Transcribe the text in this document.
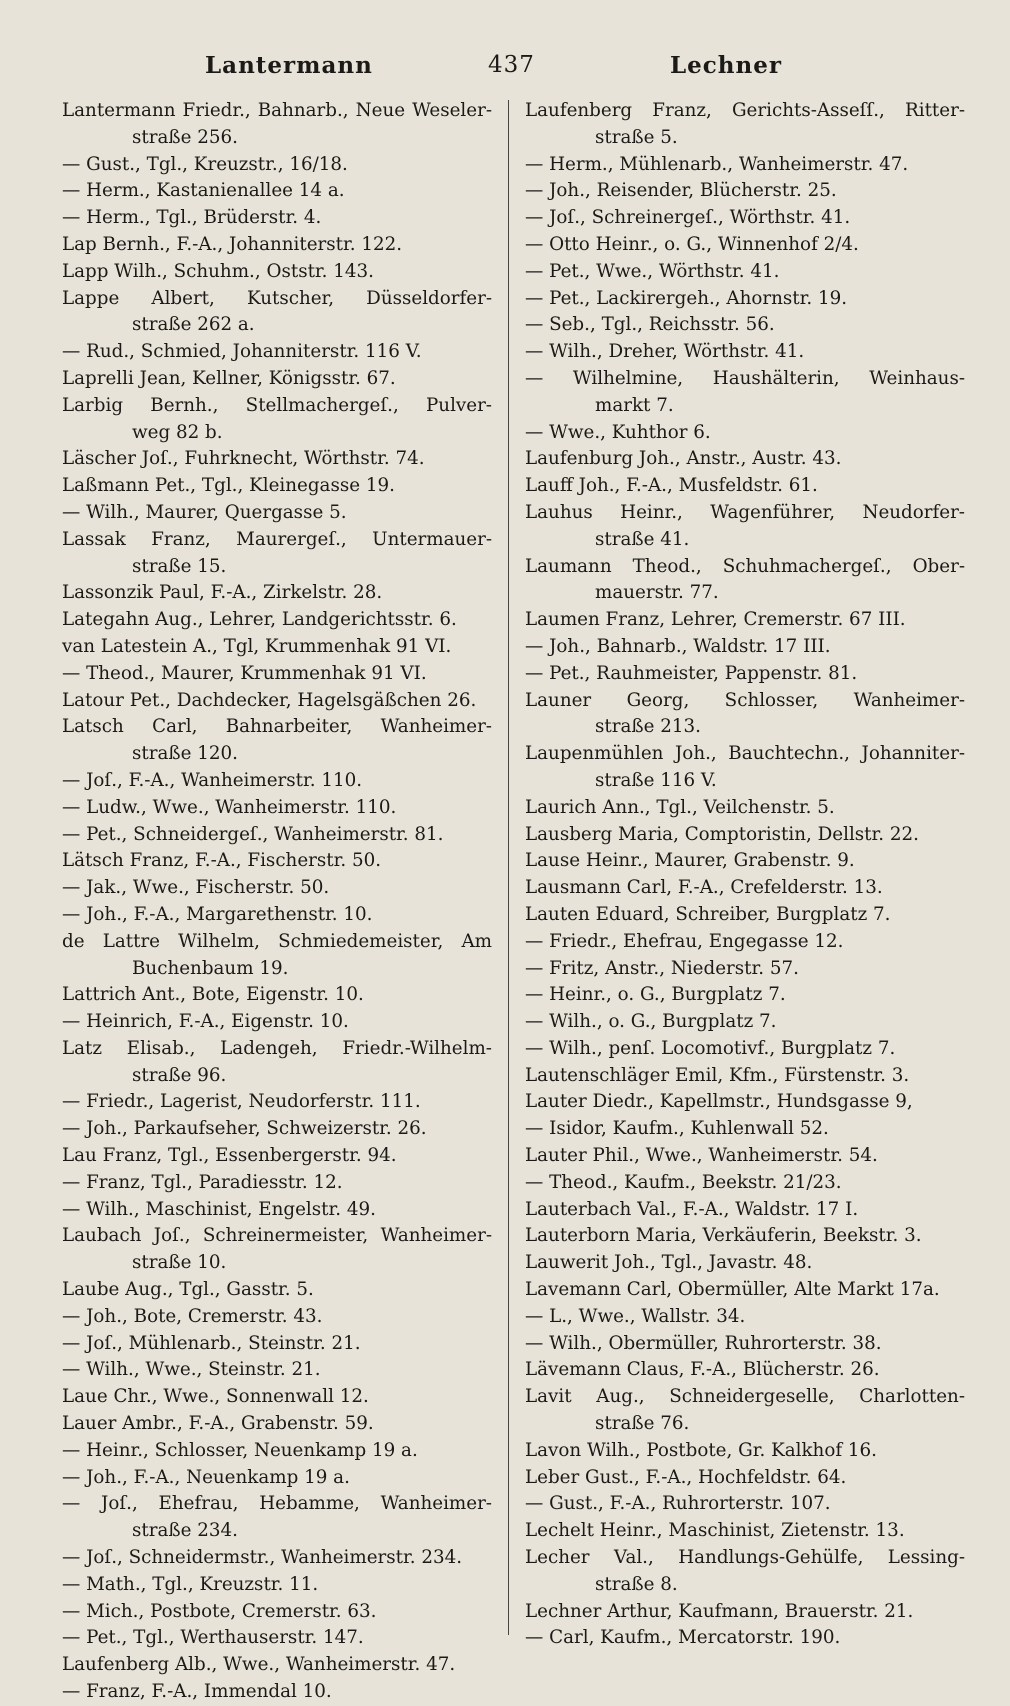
Lantermann	437	Lechner
Lantermann Friedr., Bahnarb., Neue Weseler-
straße 256.
— Gust., Tgl., Kreuzstr., 16/18.
— Herm., Kastanienallee 14 a.
— Herm., Tgl., Brüderstr. 4.
Lap Bernh., F.-A., Johanniterstr. 122.
Lapp Wilh., Schuhm., Oststr. 143.
Lappe Albert, Kutscher, Düsseldorfer-
straße 262 a.
— Rud., Schmied, Johanniterstr. 116 V.
Laprelli Jean, Kellner, Königsstr. 67.
Larbig Bernh., Stellmachergeſ., Pulver-
weg 82 b.
Läscher Joſ., Fuhrknecht, Wörthstr. 74.
Laßmann Pet., Tgl., Kleinegasse 19.
— Wilh., Maurer, Quergasse 5.
Lassak Franz, Maurergeſ., Untermauer-
straße 15.
Lassonzik Paul, F.-A., Zirkelstr. 28.
Lategahn Aug., Lehrer, Landgerichtsstr. 6.
van Latestein A., Tgl, Krummenhak 91 VI.
— Theod., Maurer, Krummenhak 91 VI.
Latour Pet., Dachdecker, Hagelsgäßchen 26.
Latsch Carl, Bahnarbeiter, Wanheimer-
straße 120.
— Joſ., F.-A., Wanheimerstr. 110.
— Ludw., Wwe., Wanheimerstr. 110.
— Pet., Schneidergeſ., Wanheimerstr. 81.
Lätsch Franz, F.-A., Fischerstr. 50.
— Jak., Wwe., Fischerstr. 50.
— Joh., F.-A., Margarethenstr. 10.
de Lattre Wilhelm, Schmiedemeister, Am
Buchenbaum 19.
Lattrich Ant., Bote, Eigenstr. 10.
— Heinrich, F.-A., Eigenstr. 10.
Latz Elisab., Ladengeh, Friedr.-Wilhelm-
straße 96.
— Friedr., Lagerist, Neudorferstr. 111.
— Joh., Parkaufseher, Schweizerstr. 26.
Lau Franz, Tgl., Essenbergerstr. 94.
— Franz, Tgl., Paradiesstr. 12.
— Wilh., Maschinist, Engelstr. 49.
Laubach Joſ., Schreinermeister, Wanheimer-
straße 10.
Laube Aug., Tgl., Gasstr. 5.
— Joh., Bote, Cremerstr. 43.
— Joſ., Mühlenarb., Steinstr. 21.
— Wilh., Wwe., Steinstr. 21.
Laue Chr., Wwe., Sonnenwall 12.
Lauer Ambr., F.-A., Grabenstr. 59.
— Heinr., Schlosser, Neuenkamp 19 a.
— Joh., F.-A., Neuenkamp 19 a.
— Joſ., Ehefrau, Hebamme, Wanheimer-
straße 234.
— Joſ., Schneidermstr., Wanheimerstr. 234.
— Math., Tgl., Kreuzstr. 11.
— Mich., Postbote, Cremerstr. 63.
— Pet., Tgl., Werthauserstr. 147.
Laufenberg Alb., Wwe., Wanheimerstr. 47.
— Franz, F.-A., Immendal 10.
Laufenberg Franz, Gerichts-Asseſſ., Ritter-
straße 5.
— Herm., Mühlenarb., Wanheimerstr. 47.
— Joh., Reisender, Blücherstr. 25.
— Joſ., Schreinergeſ., Wörthstr. 41.
— Otto Heinr., o. G., Winnenhof 2/4.
— Pet., Wwe., Wörthstr. 41.
— Pet., Lackirergeh., Ahornstr. 19.
— Seb., Tgl., Reichsstr. 56.
— Wilh., Dreher, Wörthstr. 41.
— Wilhelmine, Haushälterin, Weinhaus-
markt 7.
— Wwe., Kuhthor 6.
Laufenburg Joh., Anstr., Austr. 43.
Lauff Joh., F.-A., Musfeldstr. 61.
Lauhus Heinr., Wagenführer, Neudorfer-
straße 41.
Laumann Theod., Schuhmachergeſ., Ober-
mauerstr. 77.
Laumen Franz, Lehrer, Cremerstr. 67 III.
— Joh., Bahnarb., Waldstr. 17 III.
— Pet., Rauhmeister, Pappenstr. 81.
Launer Georg, Schlosser, Wanheimer-
straße 213.
Laupenmühlen Joh., Bauchtechn., Johanniter-
straße 116 V.
Laurich Ann., Tgl., Veilchenstr. 5.
Lausberg Maria, Comptoristin, Dellstr. 22.
Lause Heinr., Maurer, Grabenstr. 9.
Lausmann Carl, F.-A., Crefelderstr. 13.
Lauten Eduard, Schreiber, Burgplatz 7.
— Friedr., Ehefrau, Engegasse 12.
— Fritz, Anstr., Niederstr. 57.
— Heinr., o. G., Burgplatz 7.
— Wilh., o. G., Burgplatz 7.
— Wilh., penſ. Locomotivf., Burgplatz 7.
Lautenschläger Emil, Kfm., Fürstenstr. 3.
Lauter Diedr., Kapellmstr., Hundsgasse 9,
— Isidor, Kaufm., Kuhlenwall 52.
Lauter Phil., Wwe., Wanheimerstr. 54.
— Theod., Kaufm., Beekstr. 21/23.
Lauterbach Val., F.-A., Waldstr. 17 I.
Lauterborn Maria, Verkäuferin, Beekstr. 3.
Lauwerit Joh., Tgl., Javastr. 48.
Lavemann Carl, Obermüller, Alte Markt 17a.
— L., Wwe., Wallstr. 34.
— Wilh., Obermüller, Ruhrorterstr. 38.
Lävemann Claus, F.-A., Blücherstr. 26.
Lavit Aug., Schneidergeselle, Charlotten-
straße 76.
Lavon Wilh., Postbote, Gr. Kalkhof 16.
Leber Gust., F.-A., Hochfeldstr. 64.
— Gust., F.-A., Ruhrorterstr. 107.
Lechelt Heinr., Maschinist, Zietenstr. 13.
Lecher Val., Handlungs-Gehülfe, Lessing-
straße 8.
Lechner Arthur, Kaufmann, Brauerstr. 21.
— Carl, Kaufm., Mercatorstr. 190.
